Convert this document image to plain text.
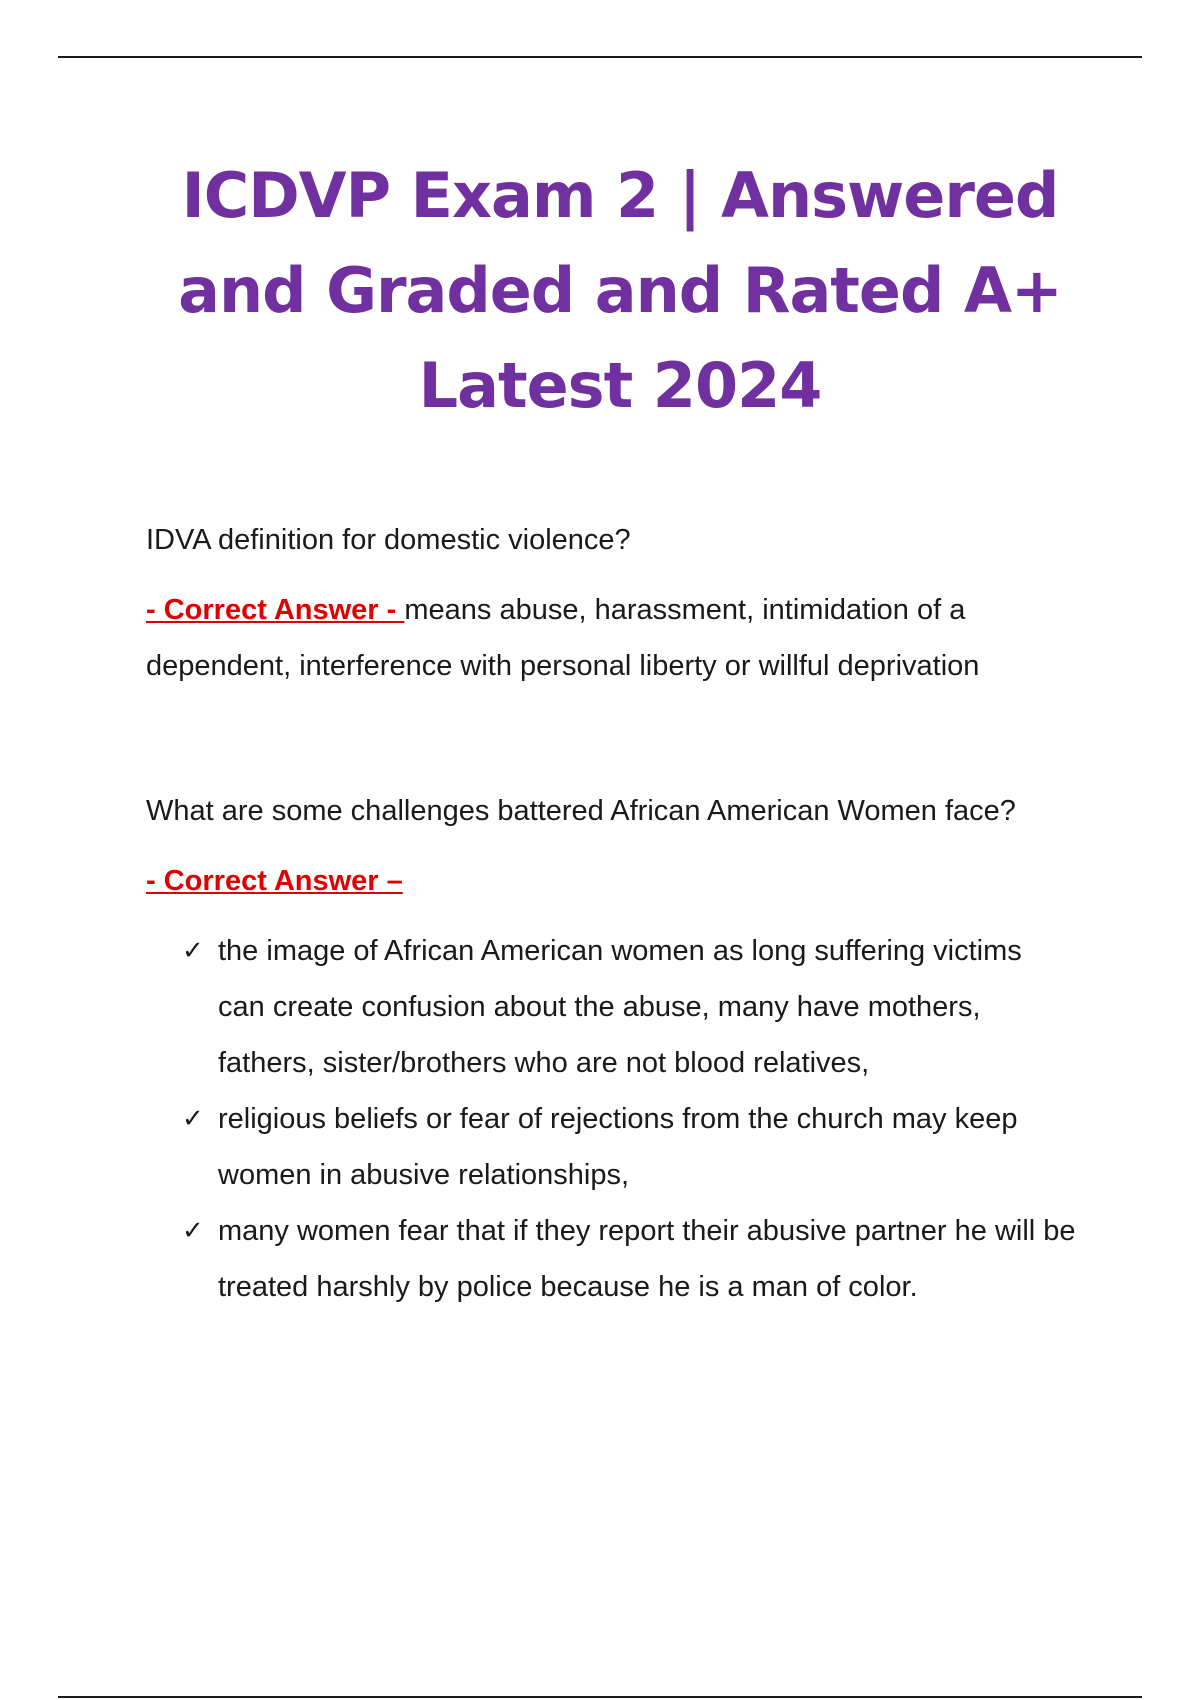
ICDVP Exam 2 | Answered and Graded and Rated A+ Latest 2024

IDVA definition for domestic violence?

- Correct Answer - means abuse, harassment, intimidation of a dependent, interference with personal liberty or willful deprivation

What are some challenges battered African American Women face?

- Correct Answer –

✓ the image of African American women as long suffering victims can create confusion about the abuse, many have mothers, fathers, sister/brothers who are not blood relatives,
✓ religious beliefs or fear of rejections from the church may keep women in abusive relationships,
✓ many women fear that if they report their abusive partner he will be treated harshly by police because he is a man of color.
